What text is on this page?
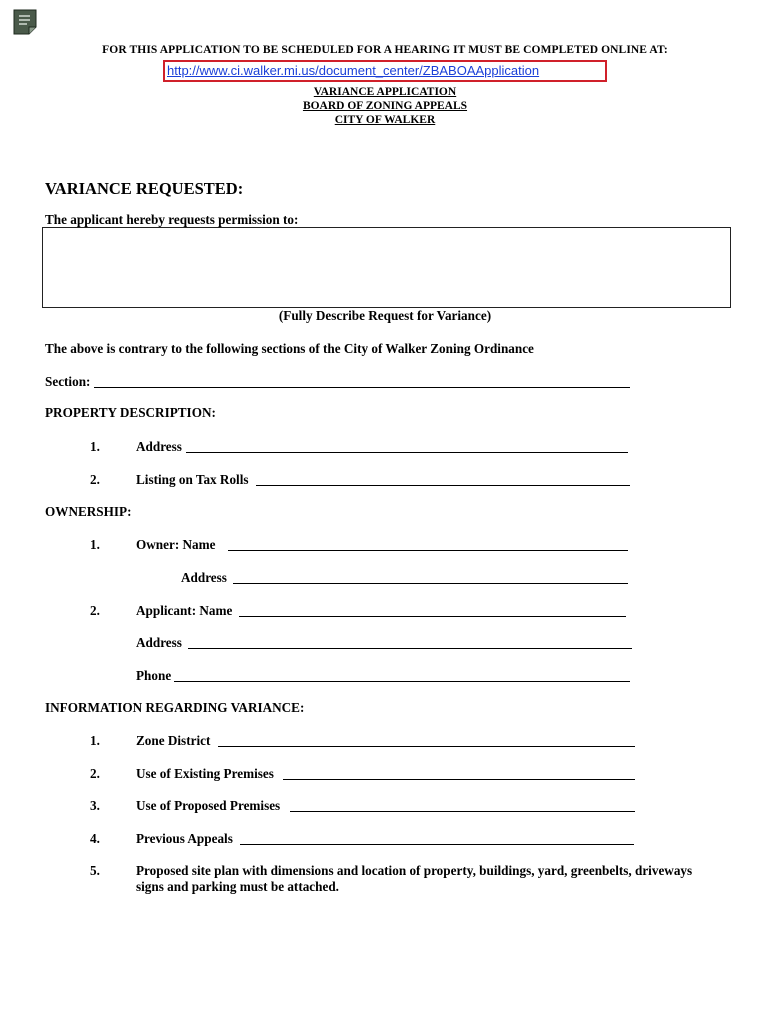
FOR THIS APPLICATION TO BE SCHEDULED FOR A HEARING IT MUST BE COMPLETED ONLINE AT:
http://www.ci.walker.mi.us/document_center/ZBABOAApplication
VARIANCE APPLICATION
BOARD OF ZONING APPEALS
CITY OF WALKER
VARIANCE REQUESTED:
The applicant hereby requests permission to:
(Fully Describe Request for Variance)
The above is contrary to the following sections of the City of Walker Zoning Ordinance
Section:
PROPERTY DESCRIPTION:
1.	Address
2.	Listing on Tax Rolls
OWNERSHIP:
1.	Owner: Name
Address
2.	Applicant: Name
Address
Phone
INFORMATION REGARDING VARIANCE:
1.	Zone District
2.	Use of Existing Premises
3.	Use of Proposed Premises
4.	Previous Appeals
5.	Proposed site plan with dimensions and location of property, buildings, yard, greenbelts, driveways
signs and parking must be attached.
